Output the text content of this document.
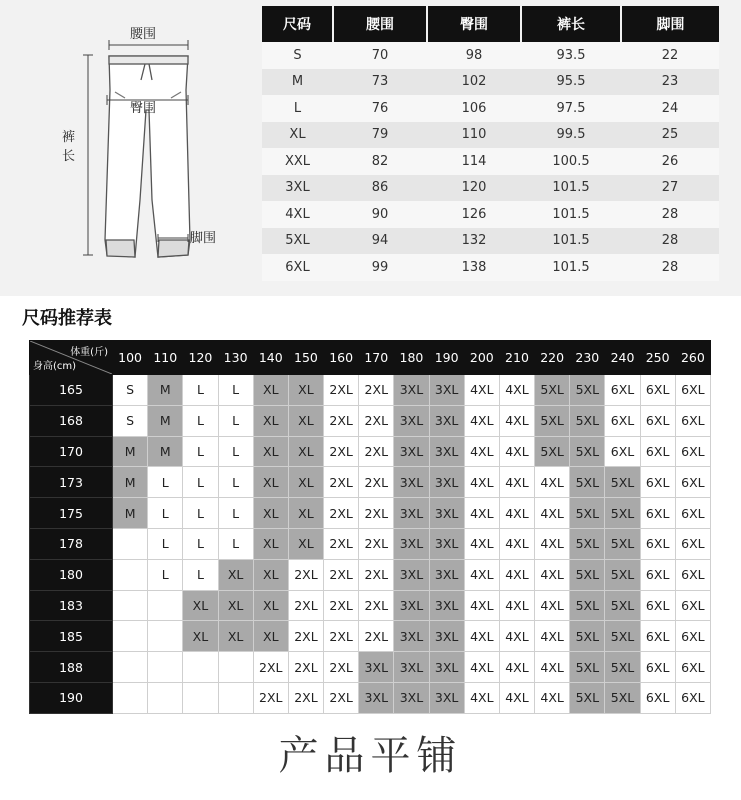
腰围
臀围
裤
长
脚围
尺码	腰围	臀围	裤长	脚围
S	70	98	93.5	22
M	73	102	95.5	23
L	76	106	97.5	24
XL	79	110	99.5	25
XXL	82	114	100.5	26
3XL	86	120	101.5	27
4XL	90	126	101.5	28
5XL	94	132	101.5	28
6XL	99	138	101.5	28
尺码推荐表
体重(斤)
身高(cm)	100	110	120	130	140	150	160	170	180	190	200	210	220	230	240	250	260
165	S	M	L	L	XL	XL	2XL	2XL	3XL	3XL	4XL	4XL	5XL	5XL	6XL	6XL	6XL
168	S	M	L	L	XL	XL	2XL	2XL	3XL	3XL	4XL	4XL	5XL	5XL	6XL	6XL	6XL
170	M	M	L	L	XL	XL	2XL	2XL	3XL	3XL	4XL	4XL	5XL	5XL	6XL	6XL	6XL
173	M	L	L	L	XL	XL	2XL	2XL	3XL	3XL	4XL	4XL	4XL	5XL	5XL	6XL	6XL
175	M	L	L	L	XL	XL	2XL	2XL	3XL	3XL	4XL	4XL	4XL	5XL	5XL	6XL	6XL
178		L	L	L	XL	XL	2XL	2XL	3XL	3XL	4XL	4XL	4XL	5XL	5XL	6XL	6XL
180		L	L	XL	XL	2XL	2XL	2XL	3XL	3XL	4XL	4XL	4XL	5XL	5XL	6XL	6XL
183			XL	XL	XL	2XL	2XL	2XL	3XL	3XL	4XL	4XL	4XL	5XL	5XL	6XL	6XL
185			XL	XL	XL	2XL	2XL	2XL	3XL	3XL	4XL	4XL	4XL	5XL	5XL	6XL	6XL
188					2XL	2XL	2XL	3XL	3XL	3XL	4XL	4XL	4XL	5XL	5XL	6XL	6XL
190					2XL	2XL	2XL	3XL	3XL	3XL	4XL	4XL	4XL	5XL	5XL	6XL	6XL
产品平铺
